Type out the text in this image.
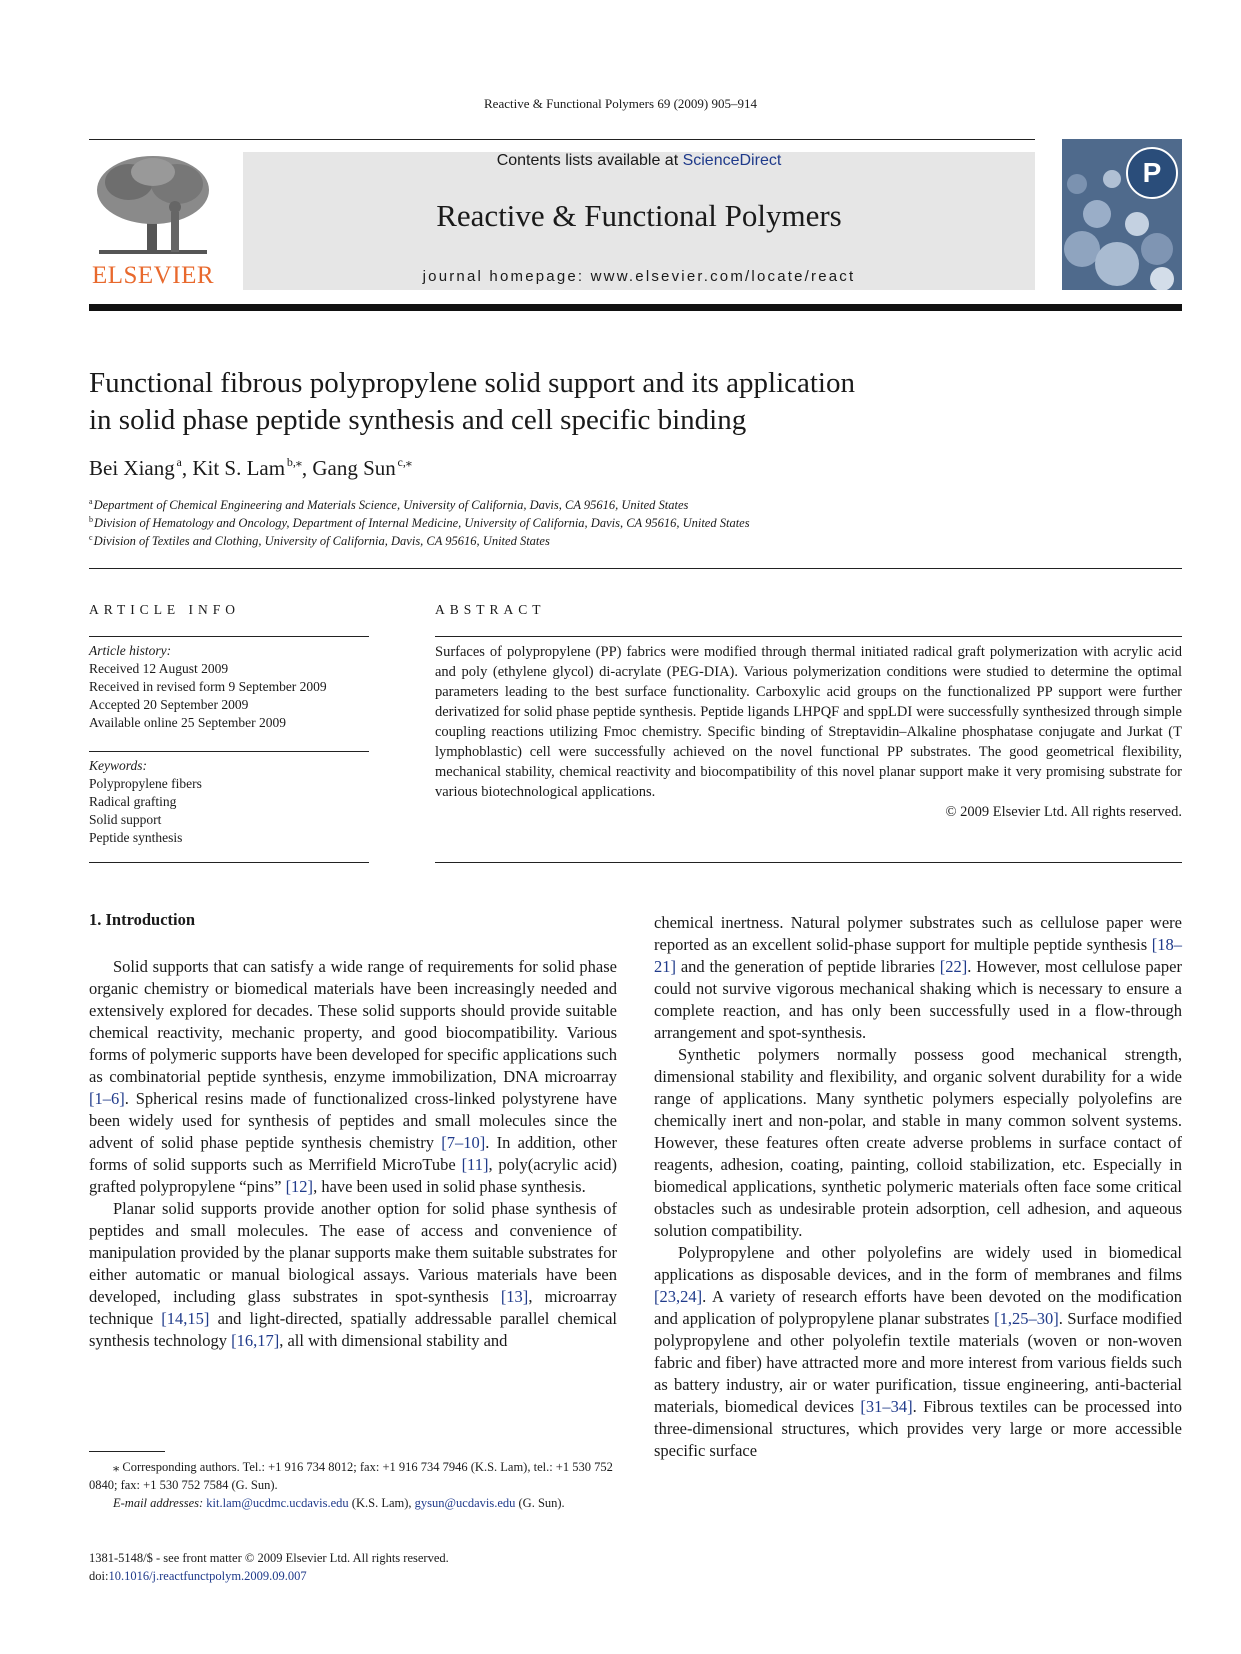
Reactive & Functional Polymers 69 (2009) 905–914
ELSEVIER
Contents lists available at ScienceDirect
Reactive & Functional Polymers
journal homepage: www.elsevier.com/locate/react
P
Functional fibrous polypropylene solid support and its application
in solid phase peptide synthesis and cell specific binding
Bei Xiang  $^a$, Kit S. Lam  $^{b,⁎}$, Gang Sun  $^{c,⁎}$
$^a$Department of Chemical Engineering and Materials Science, University of California, Davis, CA 95616, United States
$^b$Division of Hematology and Oncology, Department of Internal Medicine, University of California, Davis, CA 95616, United States
$^c$Division of Textiles and Clothing, University of California, Davis, CA 95616, United States
ARTICLE INFO
Article history:
Received 12 August 2009
Received in revised form 9 September 2009
Accepted 20 September 2009
Available online 25 September 2009
Keywords:
Polypropylene fibers
Radical grafting
Solid support
Peptide synthesis
ABSTRACT
Surfaces of polypropylene (PP) fabrics were modified through thermal initiated radical graft polymerization with acrylic acid and poly (ethylene glycol) di-acrylate (PEG-DIA). Various polymerization conditions were studied to determine the optimal parameters leading to the best surface functionality. Carboxylic acid groups on the functionalized PP support were further derivatized for solid phase peptide synthesis. Peptide ligands LHPQF and sppLDI were successfully synthesized through simple coupling reactions utilizing Fmoc chemistry. Specific binding of Streptavidin–Alkaline phosphatase conjugate and Jurkat (T lymphoblastic) cell were successfully achieved on the novel functional PP substrates. The good geometrical flexibility, mechanical stability, chemical reactivity and biocompatibility of this novel planar support make it very promising substrate for various biotechnological applications.
© 2009 Elsevier Ltd. All rights reserved.
1. Introduction

Solid supports that can satisfy a wide range of requirements for solid phase organic chemistry or biomedical materials have been increasingly needed and extensively explored for decades. These solid supports should provide suitable chemical reactivity, mechanic property, and good biocompatibility. Various forms of polymeric supports have been developed for specific applications such as combinatorial peptide synthesis, enzyme immobilization, DNA microarray [1–6]. Spherical resins made of functionalized cross-linked polystyrene have been widely used for synthesis of peptides and small molecules since the advent of solid phase peptide synthesis chemistry [7–10]. In addition, other forms of solid supports such as Merrifield MicroTube [11], poly(acrylic acid) grafted polypropylene “pins” [12], have been used in solid phase synthesis.

Planar solid supports provide another option for solid phase synthesis of peptides and small molecules. The ease of access and convenience of manipulation provided by the planar supports make them suitable substrates for either automatic or manual biological assays. Various materials have been developed, including glass substrates in spot-synthesis [13], microarray technique [14,15] and light-directed, spatially addressable parallel chemical synthesis technology [16,17], all with dimensional stability and

chemical inertness. Natural polymer substrates such as cellulose paper were reported as an excellent solid-phase support for multiple peptide synthesis [18–21] and the generation of peptide libraries [22]. However, most cellulose paper could not survive vigorous mechanical shaking which is necessary to ensure a complete reaction, and has only been successfully used in a flow-through arrangement and spot-synthesis.

Synthetic polymers normally possess good mechanical strength, dimensional stability and flexibility, and organic solvent durability for a wide range of applications. Many synthetic polymers especially polyolefins are chemically inert and non-polar, and stable in many common solvent systems. However, these features often create adverse problems in surface contact of reagents, adhesion, coating, painting, colloid stabilization, etc. Especially in biomedical applications, synthetic polymeric materials often face some critical obstacles such as undesirable protein adsorption, cell adhesion, and aqueous solution compatibility.

Polypropylene and other polyolefins are widely used in biomedical applications as disposable devices, and in the form of membranes and films [23,24]. A variety of research efforts have been devoted on the modification and application of polypropylene planar substrates [1,25–30]. Surface modified polypropylene and other polyolefin textile materials (woven or non-woven fabric and fiber) have attracted more and more interest from various fields such as battery industry, air or water purification, tissue engineering, anti-bacterial materials, biomedical devices [31–34]. Fibrous textiles can be processed into three-dimensional structures, which provides very large or more accessible specific surface

⁎ Corresponding authors. Tel.: +1 916 734 8012; fax: +1 916 734 7946 (K.S. Lam), tel.: +1 530 752 0840; fax: +1 530 752 7584 (G. Sun).
E-mail addresses: kit.lam@ucdmc.ucdavis.edu (K.S. Lam), gysun@ucdavis.edu (G. Sun).
1381-5148/$ - see front matter © 2009 Elsevier Ltd. All rights reserved.
doi:10.1016/j.reactfunctpolym.2009.09.007
